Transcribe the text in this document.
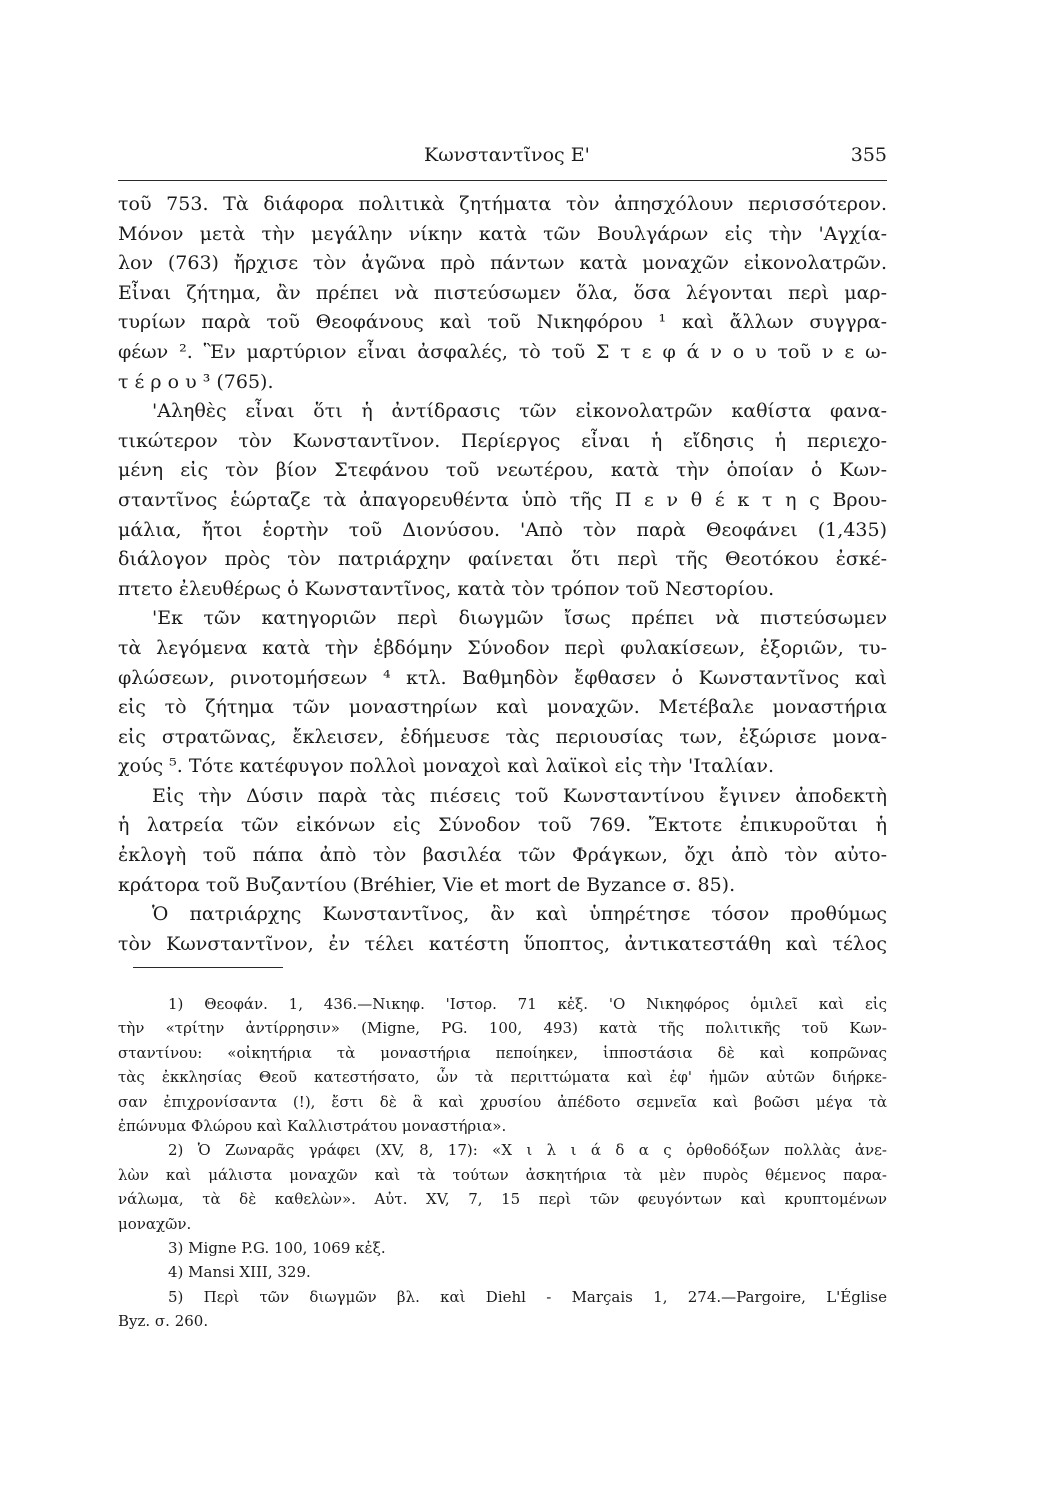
Κωνσταντῖνος Ε'	355
τοῦ 753. Τὰ διάφορα πολιτικὰ ζητήματα τὸν ἀπησχόλουν περισσότερον.
Μόνον μετὰ τὴν μεγάλην νίκην κατὰ τῶν Βουλγάρων εἰς τὴν 'Αγχία-
λον (763) ἤρχισε τὸν ἀγῶνα πρὸ πάντων κατὰ μοναχῶν εἰκονολατρῶν.
Εἶναι ζήτημα, ἂν πρέπει νὰ πιστεύσωμεν ὅλα, ὅσα λέγονται περὶ μαρ-
τυρίων παρὰ τοῦ Θεοφάνους καὶ τοῦ Νικηφόρου ¹ καὶ ἄλλων συγγρα-
φέων ². Ἓν μαρτύριον εἶναι ἀσφαλές, τὸ τοῦ Σ τ ε φ ά ν ο υ τοῦ ν ε ω-
τ έ ρ ο υ ³ (765).
'Αληθὲς εἶναι ὅτι ἡ ἀντίδρασις τῶν εἰκονολατρῶν καθίστα φανα-
τικώτερον τὸν Κωνσταντῖνον. Περίεργος εἶναι ἡ εἴδησις ἡ περιεχο-
μένη εἰς τὸν βίον Στεφάνου τοῦ νεωτέρου, κατὰ τὴν ὁποίαν ὁ Κων-
σταντῖνος ἑώρταζε τὰ ἀπαγορευθέντα ὑπὸ τῆς Π ε ν θ έ κ τ η ς Βρου-
μάλια, ἤτοι ἑορτὴν τοῦ Διονύσου. 'Απὸ τὸν παρὰ Θεοφάνει (1,435)
διάλογον πρὸς τὸν πατριάρχην φαίνεται ὅτι περὶ τῆς Θεοτόκου ἐσκέ-
πτετο ἐλευθέρως ὁ Κωνσταντῖνος, κατὰ τὸν τρόπον τοῦ Νεστορίου.
'Εκ τῶν κατηγοριῶν περὶ διωγμῶν ἴσως πρέπει νὰ πιστεύσωμεν
τὰ λεγόμενα κατὰ τὴν ἑβδόμην Σύνοδον περὶ φυλακίσεων, ἐξοριῶν, τυ-
φλώσεων, ρινοτομήσεων ⁴ κτλ. Βαθμηδὸν ἔφθασεν ὁ Κωνσταντῖνος καὶ
εἰς τὸ ζήτημα τῶν μοναστηρίων καὶ μοναχῶν. Μετέβαλε μοναστήρια
εἰς στρατῶνας, ἔκλεισεν, ἐδήμευσε τὰς περιουσίας των, ἐξώρισε μονα-
χούς ⁵. Τότε κατέφυγον πολλοὶ μοναχοὶ καὶ λαϊκοὶ εἰς τὴν 'Ιταλίαν.
Εἰς τὴν Δύσιν παρὰ τὰς πιέσεις τοῦ Κωνσταντίνου ἔγινεν ἀποδεκτὴ
ἡ λατρεία τῶν εἰκόνων εἰς Σύνοδον τοῦ 769. Ἔκτοτε ἐπικυροῦται ἡ
ἐκλογὴ τοῦ πάπα ἀπὸ τὸν βασιλέα τῶν Φράγκων, ὄχι ἀπὸ τὸν αὐτο-
κράτορα τοῦ Βυζαντίου (Bréhier, Vie et mort de Byzance σ. 85).
Ὁ πατριάρχης Κωνσταντῖνος, ἂν καὶ ὑπηρέτησε τόσον προθύμως
τὸν Κωνσταντῖνον, ἐν τέλει κατέστη ὕποπτος, ἀντικατεστάθη καὶ τέλος
1) Θεοφάν. 1, 436.—Νικηφ. 'Ιστορ. 71 κἑξ. 'Ο Νικηφόρος ὁμιλεῖ καὶ εἰς
τὴν «τρίτην ἀντίρρησιν» (Migne, PG. 100, 493) κατὰ τῆς πολιτικῆς τοῦ Κων-
σταντίνου: «οἰκητήρια τὰ μοναστήρια πεποίηκεν, ἱπποστάσια δὲ καὶ κοπρῶνας
τὰς ἐκκλησίας Θεοῦ κατεστήσατο, ὧν τὰ περιττώματα καὶ ἐφ' ἡμῶν αὐτῶν διήρκε-
σαν ἐπιχρονίσαντα (!), ἔστι δὲ ἃ καὶ χρυσίου ἀπέδοτο σεμνεῖα καὶ βοῶσι μέγα τὰ
ἐπώνυμα Φλώρου καὶ Καλλιστράτου μοναστήρια».
2) Ὁ Ζωναρᾶς γράφει (XV, 8, 17): «Χ ι λ ι ά δ α ς ὀρθοδόξων πολλὰς ἀνε-
λὼν καὶ μάλιστα μοναχῶν καὶ τὰ τούτων ἀσκητήρια τὰ μὲν πυρὸς θέμενος παρα-
νάλωμα, τὰ δὲ καθελὼν». Αὐτ. XV, 7, 15 περὶ τῶν φευγόντων καὶ κρυπτομένων
μοναχῶν.
3) Migne P.G. 100, 1069 κἑξ.
4) Mansi XIII, 329.
5) Περὶ τῶν διωγμῶν βλ. καὶ Diehl - Marçais 1, 274.—Pargoire, L'Église
Byz. σ. 260.
